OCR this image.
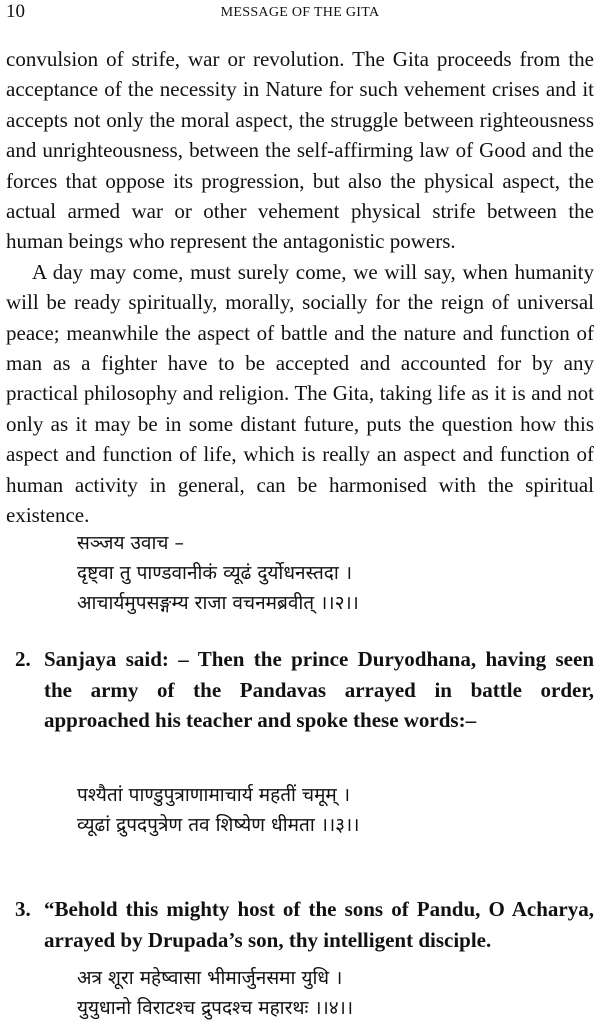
10	MESSAGE OF THE GITA

convulsion of strife, war or revolution. The Gita proceeds from the acceptance of the necessity in Nature for such vehement crises and it accepts not only the moral aspect, the struggle between righteousness and unrighteousness, between the self-affirming law of Good and the forces that oppose its progression, but also the physical aspect, the actual armed war or other vehement physical strife between the human beings who represent the antagonistic powers.

A day may come, must surely come, we will say, when humanity will be ready spiritually, morally, socially for the reign of universal peace; meanwhile the aspect of battle and the nature and function of man as a fighter have to be accepted and accounted for by any practical philosophy and religion. The Gita, taking life as it is and not only as it may be in some distant future, puts the question how this aspect and function of life, which is really an aspect and function of human activity in general, can be harmonised with the spiritual existence.

सञ्जय उवाच –
दृष्ट्वा तु पाण्डवानीकं व्यूढं दुर्योधनस्तदा ।
आचार्यमुपसङ्गम्य राजा वचनमब्रवीत् ।।२।।

2. Sanjaya said: – Then the prince Duryodhana, having seen the army of the Pandavas arrayed in battle order, approached his teacher and spoke these words:–

पश्यैतां पाण्डुपुत्राणामाचार्य महतीं चमूम् ।
व्यूढां द्रुपदपुत्रेण तव शिष्येण धीमता ।।३।।

3. “Behold this mighty host of the sons of Pandu, O Acharya, arrayed by Drupada’s son, thy intelligent disciple.

अत्र शूरा महेष्वासा भीमार्जुनसमा युधि ।
युयुधानो विराटश्च द्रुपदश्च महारथः ।।४।।
